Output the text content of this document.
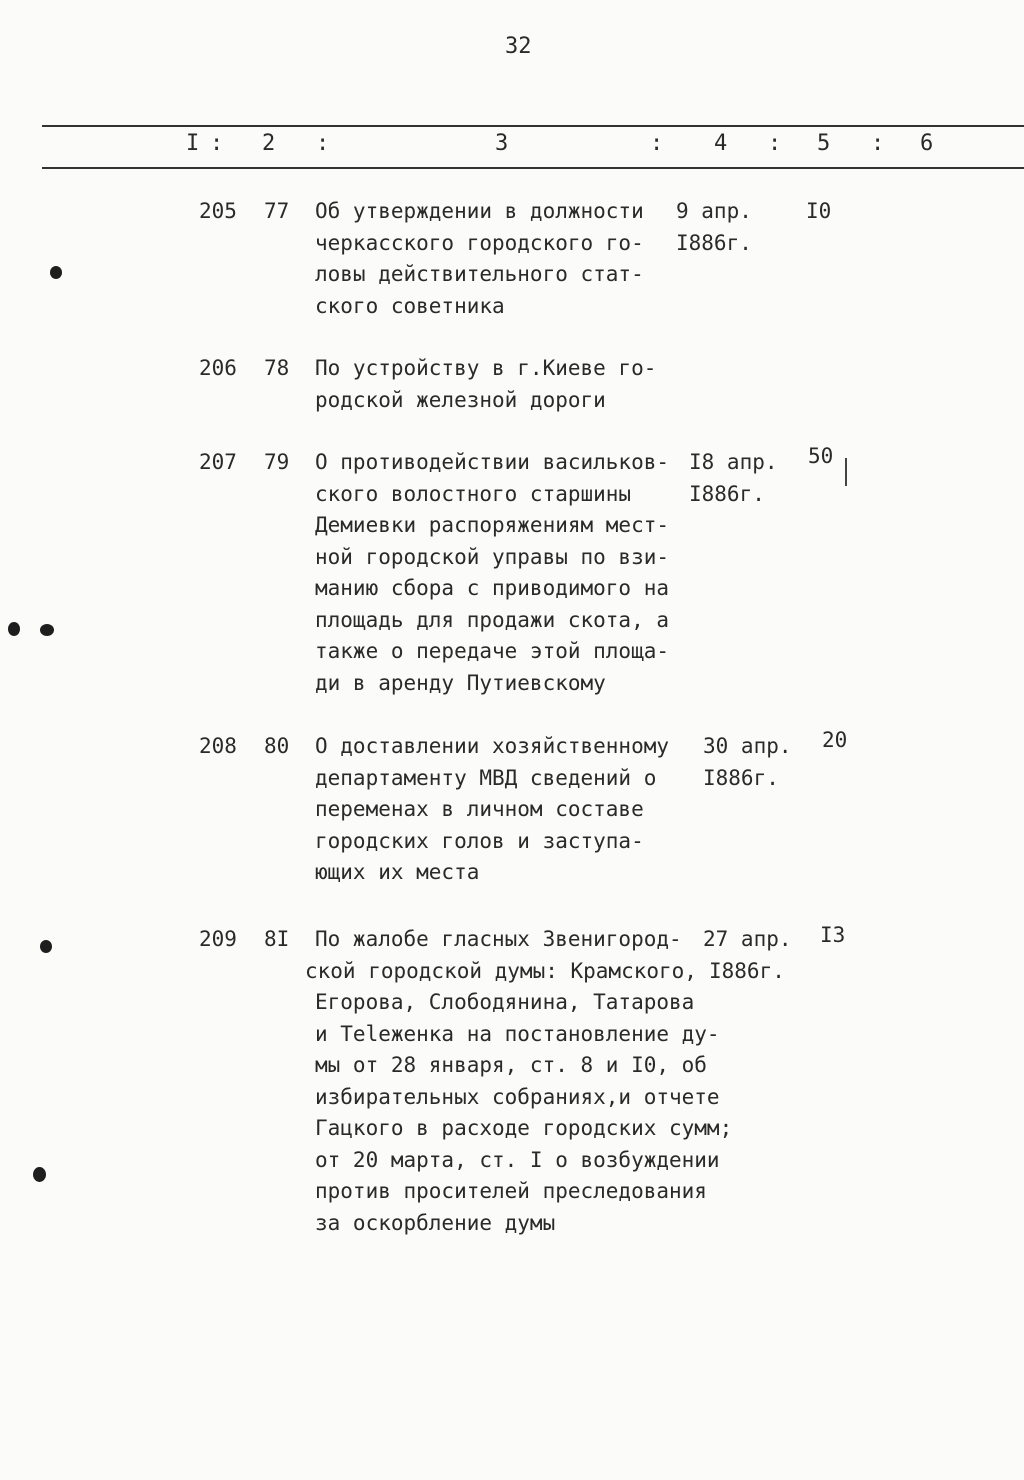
32
I : 2 :	3	: 4 : 5 : 6
205 77 Об утверждении в должности
черкасского городского го-
ловы действительного стат-
ского советника
9 апр.
I886г.
I0
206 78 По устройству в г.Киеве го-
родской железной дороги
207 79 О противодействии васильков-
ского волостного старшины
Демиевки распоряжениям мест-
ной городской управы по взи-
манию сбора с приводимого на
площадь для продажи скота, а
также о передаче этой площа-
ди в аренду Путиевскому
I8 апр.
I886г.
50
208 80 О доставлении хозяйственному
департаменту МВД сведений о
переменах в личном составе
городских голов и заступа-
ющих их места
30 апр.
I886г.
20
209 8I По жалобе гласных Звенигород-
ской городской думы: Крамского,
Егорова, Слободянина, Татарова
и Теleженка на постановление ду-
мы от 28 января, ст. 8 и I0, об
избирательных собраниях,и отчете
Гацкого в расходе городских сумм;
от 20 марта, ст. I о возбуждении
против просителей преследования
за оскорбление думы
27 апр.
I886г.
I3
